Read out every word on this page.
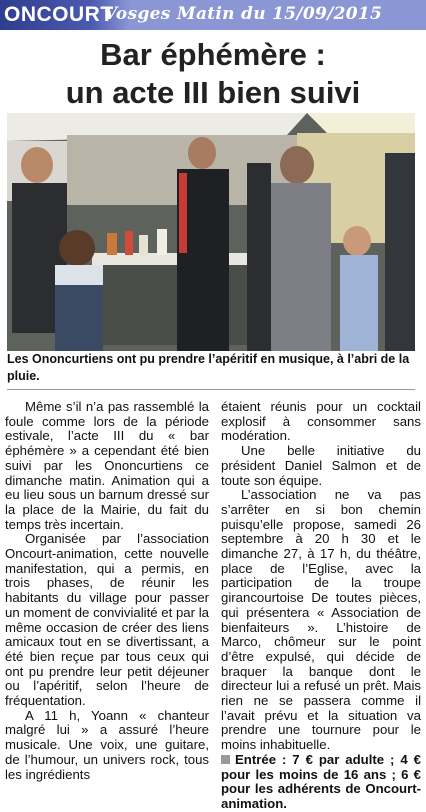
ONCOURT
Vosges Matin du 15/09/2015
Bar éphémère :
un acte III bien suivi
Les Ononcurtiens ont pu prendre l’apéritif en musique, à l’abri de la pluie.

Même s’il n’a pas rassemblé la foule comme lors de la période estivale, l’acte III du « bar éphémère » a cependant été bien suivi par les Ononcurtiens ce dimanche matin. Animation qui a eu lieu sous un barnum dressé sur la place de la Mairie, du fait du temps très incertain.

Organisée par l’association Oncourt-animation, cette nouvelle manifestation, qui a permis, en trois phases, de réunir les habitants du village pour passer un moment de convivialité et par la même occasion de créer des liens amicaux tout en se divertissant, a été bien reçue par tous ceux qui ont pu prendre leur petit déjeuner ou l’apéritif, selon l’heure de fréquentation.

A 11 h, Yoann « chanteur malgré lui » a assuré l’heure musicale. Une voix, une guitare, de l’humour, un univers rock, tous les ingrédients

étaient réunis pour un cocktail explosif à consommer sans modération.

Une belle initiative du président Daniel Salmon et de toute son équipe.

L’association ne va pas s’arrêter en si bon chemin puisqu’elle propose, samedi 26 septembre à 20 h 30 et le dimanche 27, à 17 h, du théâtre, place de l’Eglise, avec la participation de la troupe girancourtoise De toutes pièces, qui présentera « Association de bienfaiteurs ». L’histoire de Marco, chômeur sur le point d’être expulsé, qui décide de braquer la banque dont le directeur lui a refusé un prêt. Mais rien ne se passera comme il l’avait prévu et la situation va prendre une tournure pour le moins inhabituelle.

Entrée : 7 € par adulte ; 4 € pour les moins de 16 ans ; 6 € pour les adhérents de Oncourt-animation.
